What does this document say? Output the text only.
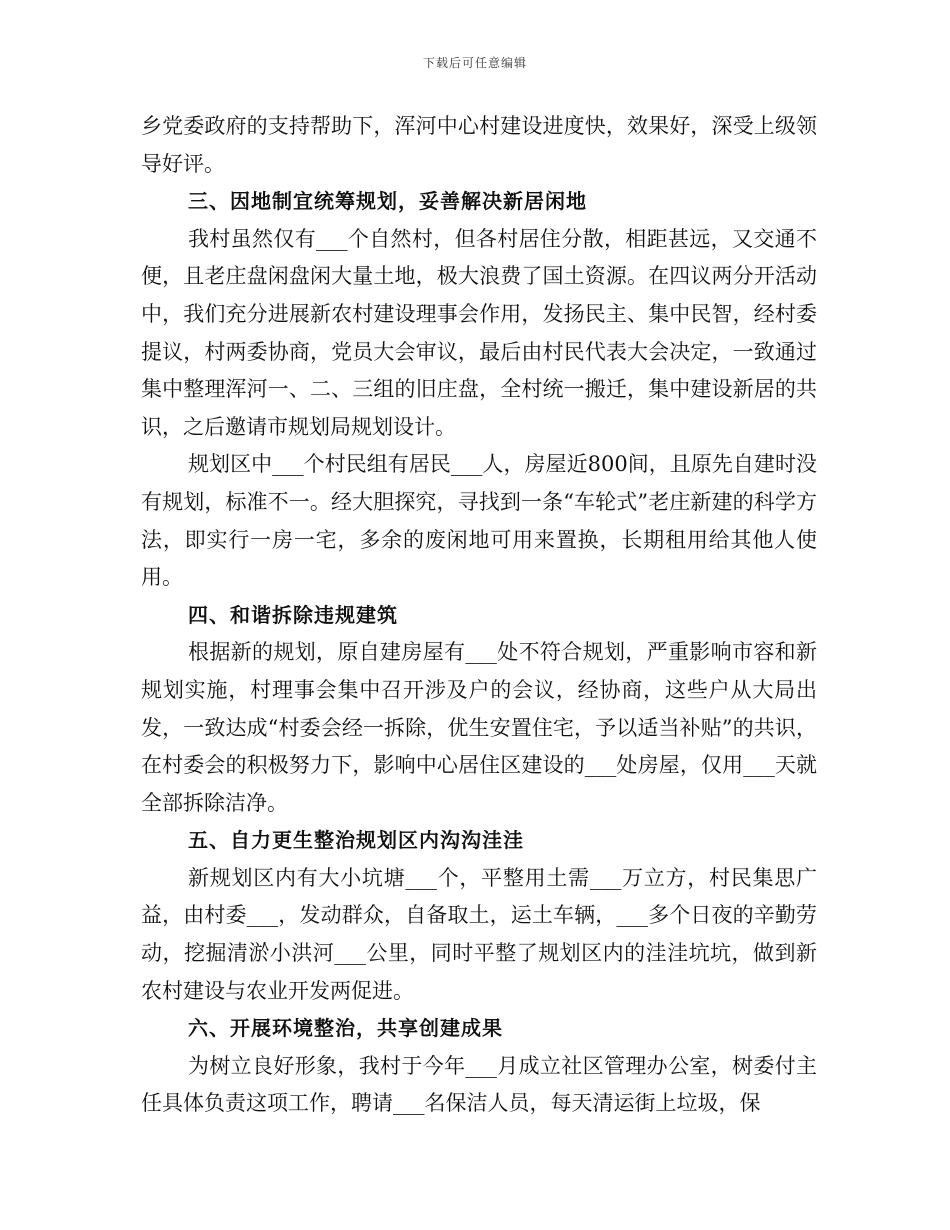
下载后可任意编辑

乡党委政府的支持帮助下，浑河中心村建设进度快，效果好，深受上级领导好评。

三、因地制宜统筹规划，妥善解决新居闲地

我村虽然仅有___个自然村，但各村居住分散，相距甚远，又交通不便，且老庄盘闲盘闲大量土地，极大浪费了国土资源。在四议两分开活动中，我们充分进展新农村建设理事会作用，发扬民主、集中民智，经村委提议，村两委协商，党员大会审议，最后由村民代表大会决定，一致通过集中整理浑河一、二、三组的旧庄盘，全村统一搬迁，集中建设新居的共识，之后邀请市规划局规划设计。

规划区中___个村民组有居民___人，房屋近800间，且原先自建时没有规划，标准不一。经大胆探究，寻找到一条“车轮式”老庄新建的科学方法，即实行一房一宅，多余的废闲地可用来置换，长期租用给其他人使用。

四、和谐拆除违规建筑

根据新的规划，原自建房屋有___处不符合规划，严重影响市容和新规划实施，村理事会集中召开涉及户的会议，经协商，这些户从大局出发，一致达成“村委会经一拆除，优生安置住宅，予以适当补贴”的共识，在村委会的积极努力下，影响中心居住区建设的___处房屋，仅用___天就全部拆除洁净。

五、自力更生整治规划区内沟沟洼洼

新规划区内有大小坑塘___个，平整用土需___万立方，村民集思广益，由村委___，发动群众，自备取土，运土车辆，___多个日夜的辛勤劳动，挖掘清淤小洪河___公里，同时平整了规划区内的洼洼坑坑，做到新农村建设与农业开发两促进。

六、开展环境整治，共享创建成果

为树立良好形象，我村于今年___月成立社区管理办公室，树委付主任具体负责这项工作，聘请___名保洁人员，每天清运街上垃圾，保
